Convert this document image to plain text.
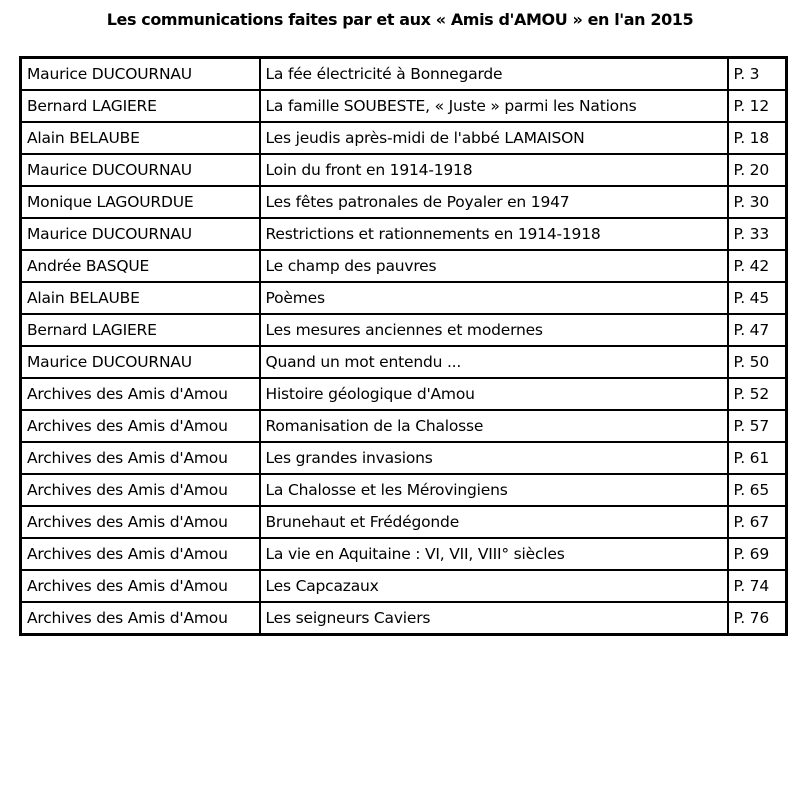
Les communications faites par et aux « Amis d'AMOU » en l'an 2015
Maurice DUCOURNAU	La fée électricité à Bonnegarde	P. 3
Bernard LAGIERE	La famille SOUBESTE, « Juste » parmi les Nations	P. 12
Alain BELAUBE	Les jeudis après-midi de l'abbé LAMAISON	P. 18
Maurice DUCOURNAU	Loin du front en 1914-1918	P. 20
Monique LAGOURDUE	Les fêtes patronales de Poyaler en 1947	P. 30
Maurice DUCOURNAU	Restrictions et rationnements en 1914-1918	P. 33
Andrée BASQUE	Le champ des pauvres	P. 42
Alain BELAUBE	Poèmes	P. 45
Bernard LAGIERE	Les mesures anciennes et modernes	P. 47
Maurice DUCOURNAU	Quand un mot entendu ...	P. 50
Archives des Amis d'Amou	Histoire géologique d'Amou	P. 52
Archives des Amis d'Amou	Romanisation de la Chalosse	P. 57
Archives des Amis d'Amou	Les grandes invasions	P. 61
Archives des Amis d'Amou	La Chalosse et les Mérovingiens	P. 65
Archives des Amis d'Amou	Brunehaut et Frédégonde	P. 67
Archives des Amis d'Amou	La vie en Aquitaine : VI, VII, VIII° siècles	P. 69
Archives des Amis d'Amou	Les Capcazaux	P. 74
Archives des Amis d'Amou	Les seigneurs Caviers	P. 76
